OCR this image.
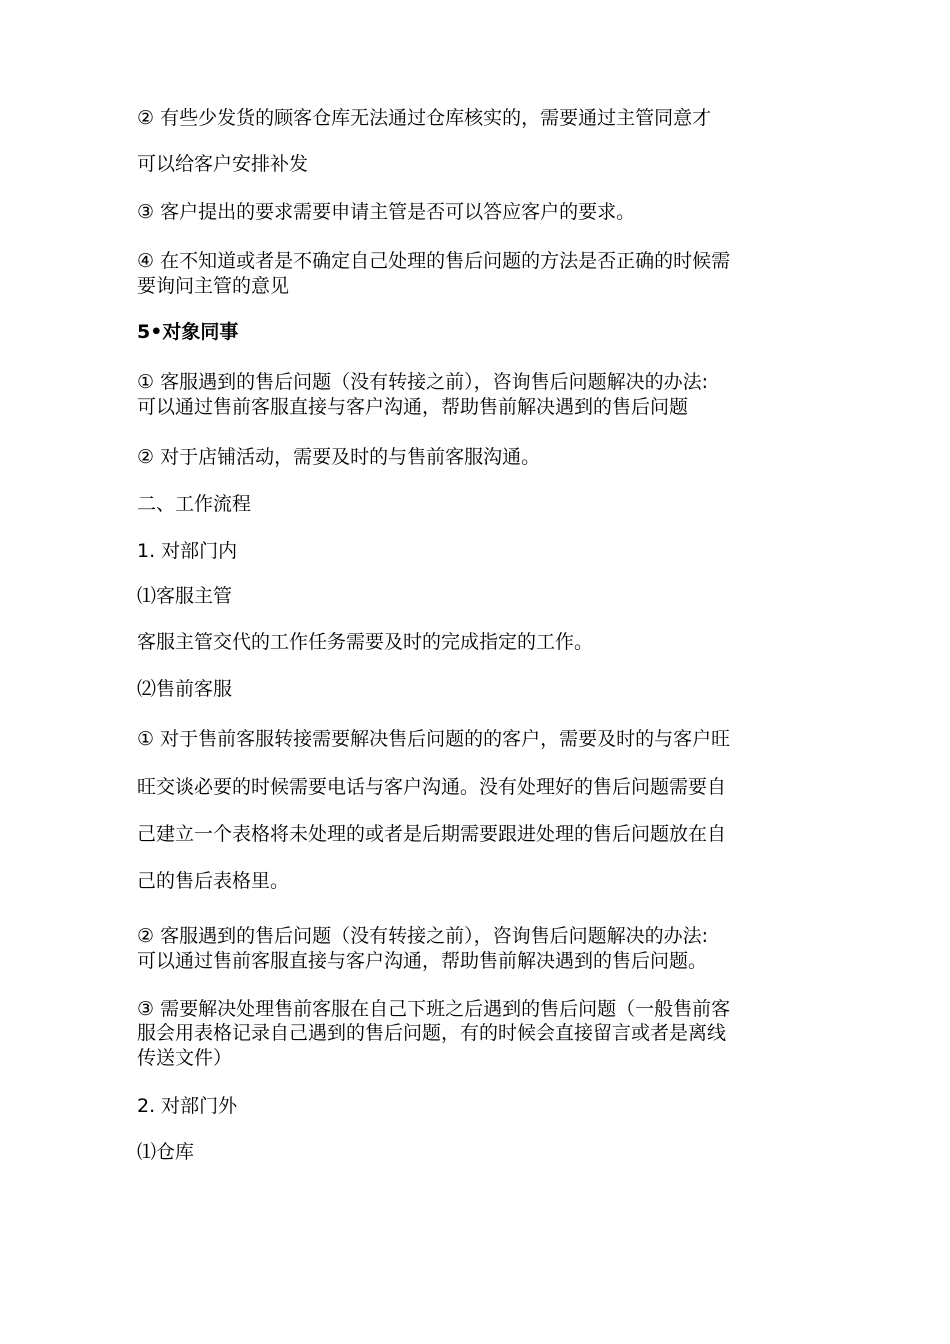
② 有些少发货的顾客仓库无法通过仓库核实的，需要通过主管同意才

可以给客户安排补发

③ 客户提出的要求需要申请主管是否可以答应客户的要求。

④ 在不知道或者是不确定自己处理的售后问题的方法是否正确的时候需

要询问主管的意见

5•对象同事

① 客服遇到的售后问题（没有转接之前），咨询售后问题解决的办法:

可以通过售前客服直接与客户沟通，帮助售前解决遇到的售后问题

② 对于店铺活动，需要及时的与售前客服沟通。

二、工作流程

1. 对部门内

⑴客服主管

客服主管交代的工作任务需要及时的完成指定的工作。

⑵售前客服

① 对于售前客服转接需要解决售后问题的的客户，需要及时的与客户旺

旺交谈必要的时候需要电话与客户沟通。没有处理好的售后问题需要自

己建立一个表格将未处理的或者是后期需要跟进处理的售后问题放在自

己的售后表格里。

② 客服遇到的售后问题（没有转接之前），咨询售后问题解决的办法:

可以通过售前客服直接与客户沟通，帮助售前解决遇到的售后问题。

③ 需要解决处理售前客服在自己下班之后遇到的售后问题（一般售前客

服会用表格记录自己遇到的售后问题，有的时候会直接留言或者是离线

传送文件）

2. 对部门外

⑴仓库
